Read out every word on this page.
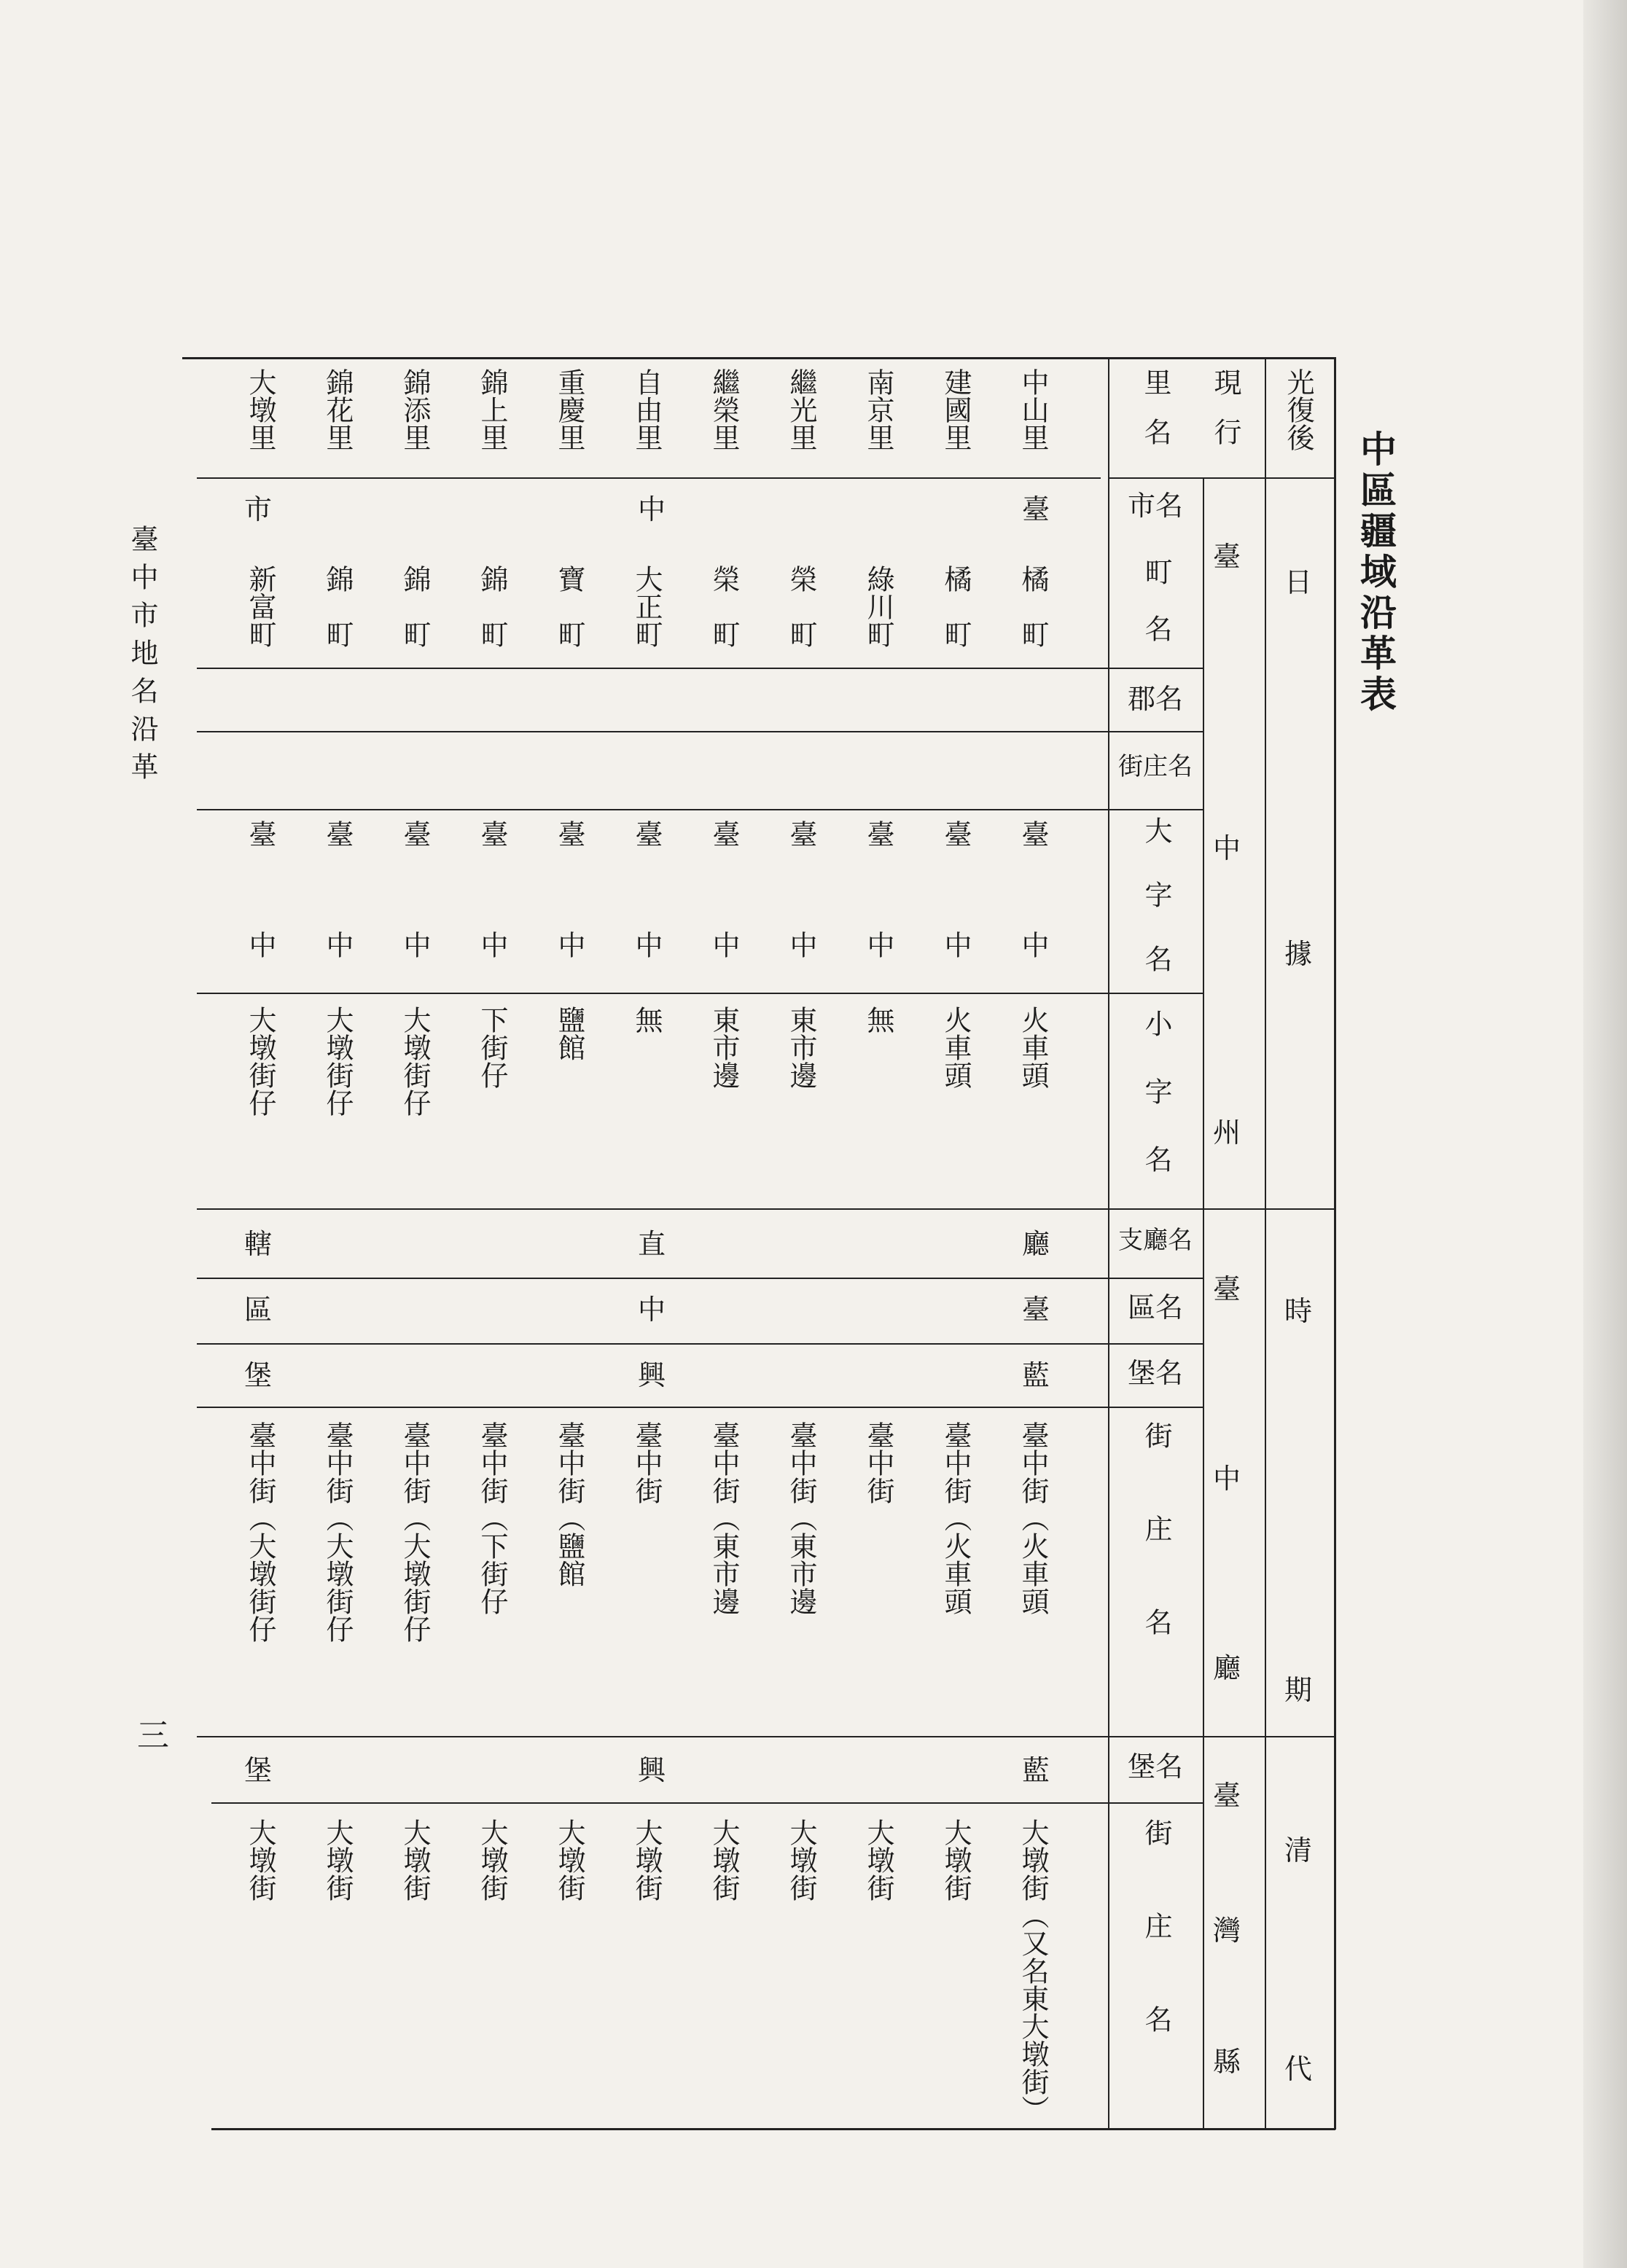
中區疆域沿革表
臺中市地名沿革
三
光復後
現行
里名
日
據
時
期
清
代
臺
中
州
臺
中
廳
臺
灣
縣
市名
町名
郡名
街庄名
大字名
小字名
支廳名
區名
堡名
街庄名
堡名
街庄名
中山里
建國里
南京里
繼光里
繼榮里
自由里
重慶里
錦上里
錦添里
錦花里
大墩里
橘　町
橘　町
綠川町
榮　町
榮　町
大正町
寶　町
錦　町
錦　町
錦　町
新富町
臺　　　中
臺　　　中
臺　　　中
臺　　　中
臺　　　中
臺　　　中
臺　　　中
臺　　　中
臺　　　中
臺　　　中
臺　　　中
火車頭
火車頭
無
東市邊
東市邊
無
鹽館
下街仔
大墩街仔
大墩街仔
大墩街仔
臺中街︵火車頭
臺中街︵火車頭
臺中街
臺中街︵東市邊
臺中街︵東市邊
臺中街
臺中街︵鹽館
臺中街︵下街仔
臺中街︵大墩街仔
臺中街︵大墩街仔
臺中街︵大墩街仔
大墩街︵又名東大墩街︶
大墩街
大墩街
大墩街
大墩街
大墩街
大墩街
大墩街
大墩街
大墩街
大墩街
臺
中
市
廳
直
轄
臺
中
區
藍
興
堡
藍
興
堡
